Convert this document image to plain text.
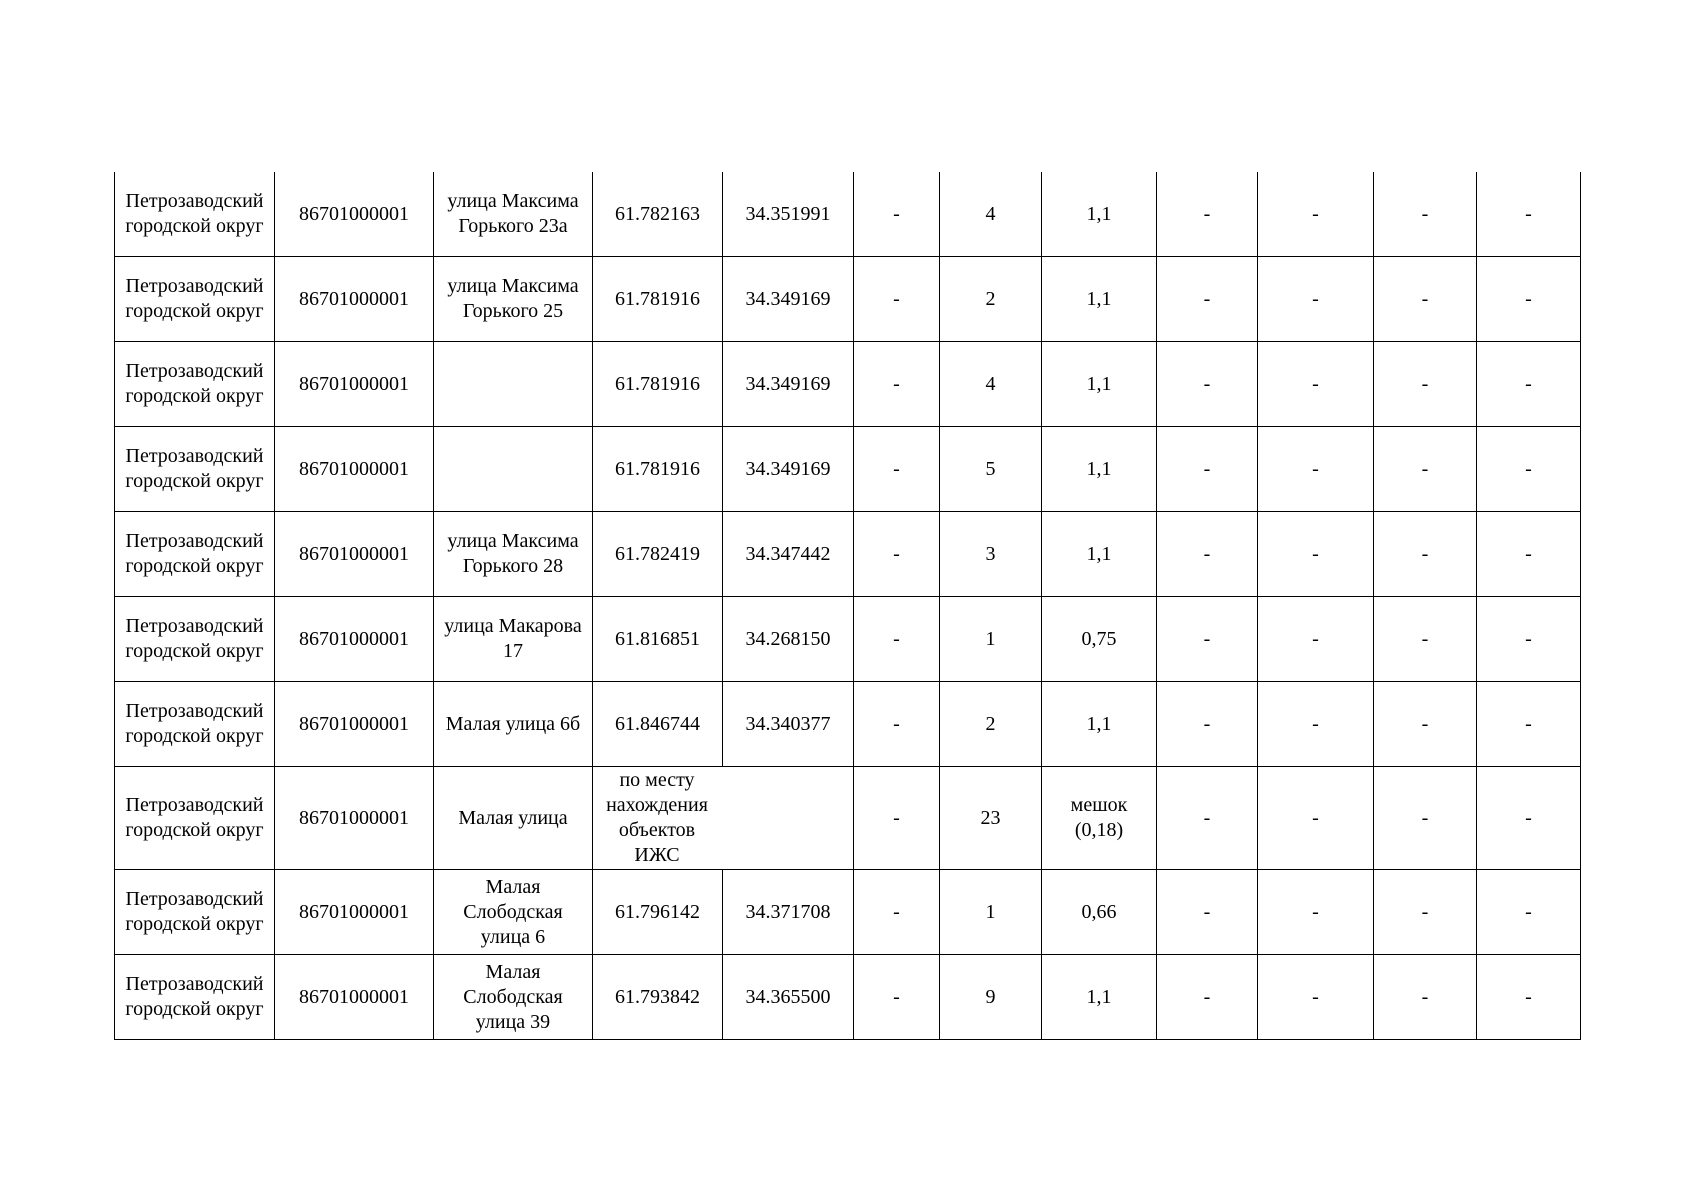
Петрозаводский городской округ	86701000001	улица Максима Горького 23а	61.782163	34.351991	-	4	1,1	-	-	-	-
Петрозаводский городской округ	86701000001	улица Максима Горького 25	61.781916	34.349169	-	2	1,1	-	-	-	-
Петрозаводский городской округ	86701000001		61.781916	34.349169	-	4	1,1	-	-	-	-
Петрозаводский городской округ	86701000001		61.781916	34.349169	-	5	1,1	-	-	-	-
Петрозаводский городской округ	86701000001	улица Максима Горького 28	61.782419	34.347442	-	3	1,1	-	-	-	-
Петрозаводский городской округ	86701000001	улица Макарова 17	61.816851	34.268150	-	1	0,75	-	-	-	-
Петрозаводский городской округ	86701000001	Малая улица 6б	61.846744	34.340377	-	2	1,1	-	-	-	-
Петрозаводский городской округ	86701000001	Малая улица	по месту нахождения объектов ИЖС		-	23	мешок (0,18)	-	-	-	-
Петрозаводский городской округ	86701000001	Малая Слободская улица 6	61.796142	34.371708	-	1	0,66	-	-	-	-
Петрозаводский городской округ	86701000001	Малая Слободская улица 39	61.793842	34.365500	-	9	1,1	-	-	-	-
